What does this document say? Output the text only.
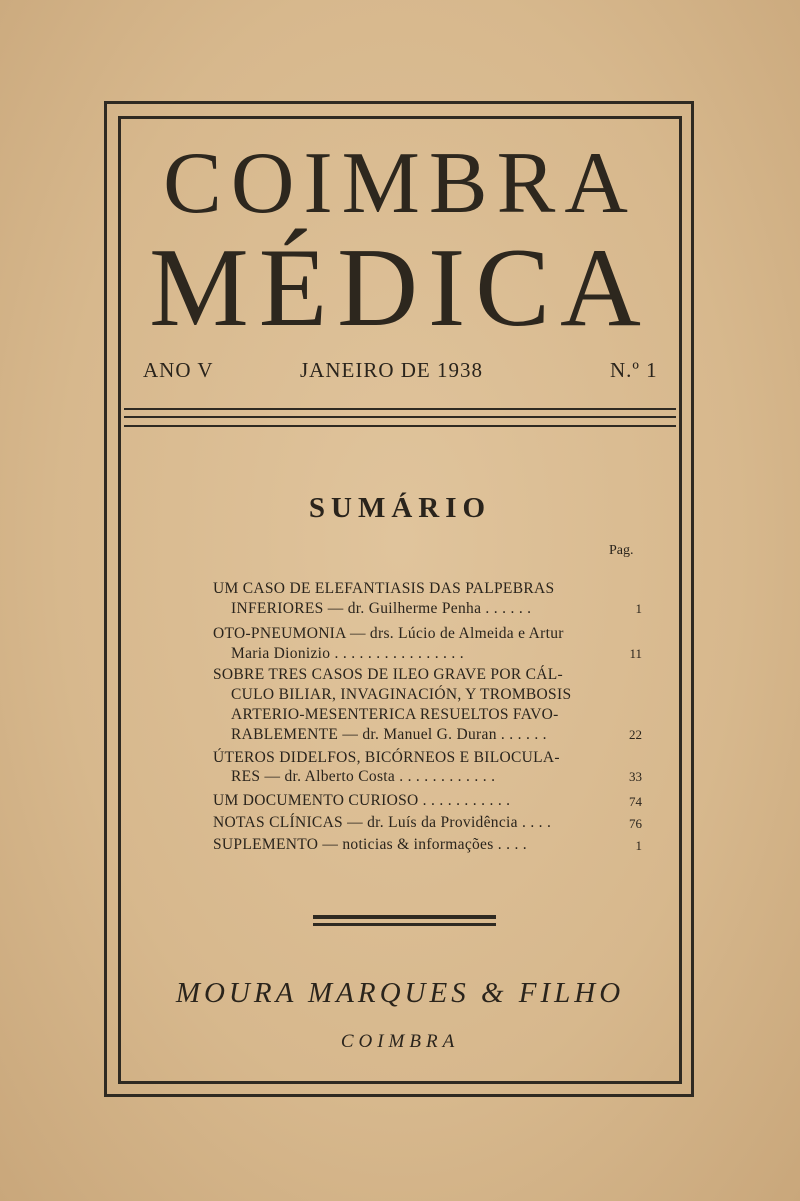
COIMBRA
MÉDICA

ANO V	JANEIRO DE 1938	N.º 1

SUMÁRIO
Pag.
UM CASO DE ELEFANTIASIS DAS PALPEBRAS
INFERIORES — dr. Guilherme Penha . . . . . .	1
OTO-PNEUMONIA — drs. Lúcio de Almeida e Artur
Maria Dionizio . . . . . . . . . . . . . . . .	11
SOBRE TRES CASOS DE ILEO GRAVE POR CÁL-
CULO BILIAR, INVAGINACIÓN, Y TROMBOSIS
ARTERIO-MESENTERICA RESUELTOS FAVO-
RABLEMENTE — dr. Manuel G. Duran . . . . . .	22
ÚTEROS DIDELFOS, BICÓRNEOS E BILOCULA-
RES — dr. Alberto Costa . . . . . . . . . . . .	33
UM DOCUMENTO CURIOSO . . . . . . . . . . .	74
NOTAS CLÍNICAS — dr. Luís da Providência . . . .	76
SUPLEMENTO — noticias & informações . . . .	1

MOURA MARQUES & FILHO

COIMBRA
